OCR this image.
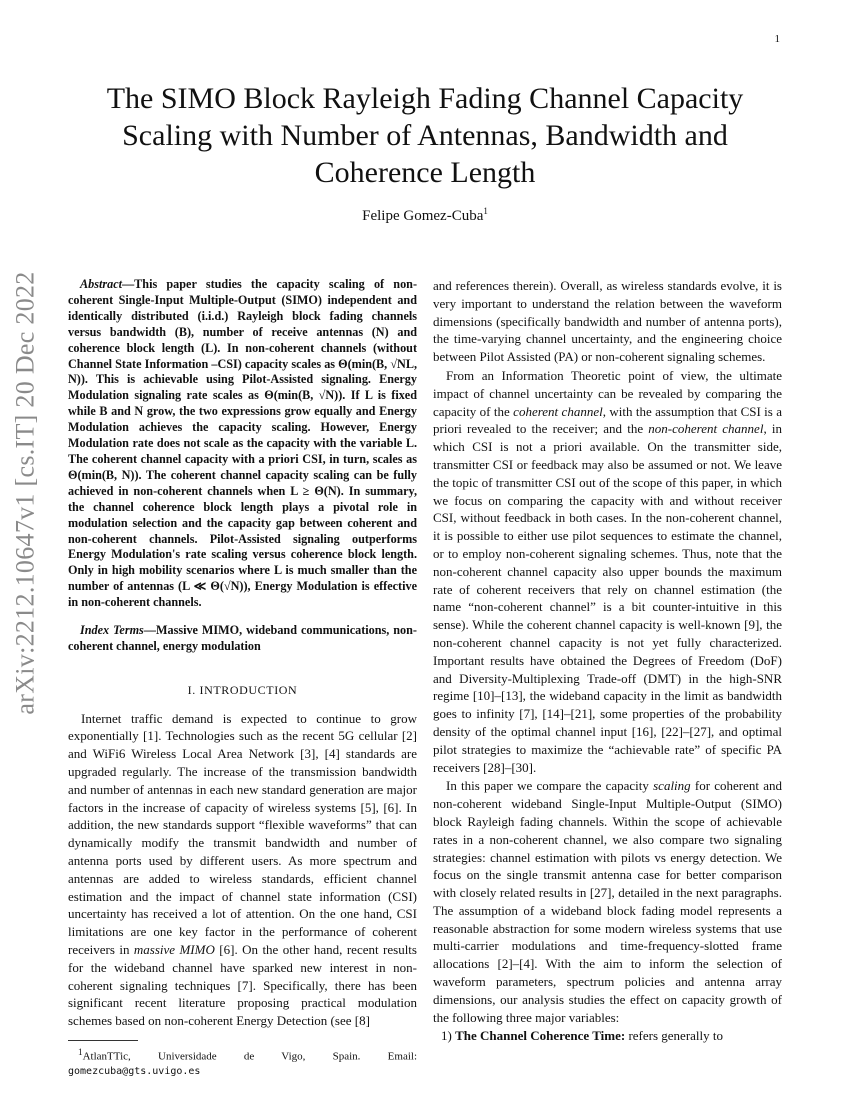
1
arXiv:2212.10647v1 [cs.IT] 20 Dec 2022
The SIMO Block Rayleigh Fading Channel Capacity Scaling with Number of Antennas, Bandwidth and Coherence Length
Felipe Gomez-Cuba$^1$

Abstract—This paper studies the capacity scaling of non-coherent Single-Input Multiple-Output (SIMO) independent and identically distributed (i.i.d.) Rayleigh block fading channels versus bandwidth (B), number of receive antennas (N) and coherence block length (L). In non-coherent channels (without Channel State Information –CSI) capacity scales as Θ(min(B, √NL, N)). This is achievable using Pilot-Assisted signaling. Energy Modulation signaling rate scales as Θ(min(B, √N)). If L is fixed while B and N grow, the two expressions grow equally and Energy Modulation achieves the capacity scaling. However, Energy Modulation rate does not scale as the capacity with the variable L. The coherent channel capacity with a priori CSI, in turn, scales as Θ(min(B, N)). The coherent channel capacity scaling can be fully achieved in non-coherent channels when L ≥ Θ(N). In summary, the channel coherence block length plays a pivotal role in modulation selection and the capacity gap between coherent and non-coherent channels. Pilot-Assisted signaling outperforms Energy Modulation's rate scaling versus coherence block length. Only in high mobility scenarios where L is much smaller than the number of antennas (L ≪ Θ(√N)), Energy Modulation is effective in non-coherent channels.

Index Terms—Massive MIMO, wideband communications, non-coherent channel, energy modulation

I. INTRODUCTION

Internet traffic demand is expected to continue to grow exponentially [1]. Technologies such as the recent 5G cellular [2] and WiFi6 Wireless Local Area Network [3], [4] standards are upgraded regularly. The increase of the transmission bandwidth and number of antennas in each new standard generation are major factors in the increase of capacity of wireless systems [5], [6]. In addition, the new standards support “flexible waveforms” that can dynamically modify the transmit bandwidth and number of antenna ports used by different users. As more spectrum and antennas are added to wireless standards, efficient channel estimation and the impact of channel state information (CSI) uncertainty has received a lot of attention. On the one hand, CSI limitations are one key factor in the performance of coherent receivers in massive MIMO [6]. On the other hand, recent results for the wideband channel have sparked new interest in non-coherent signaling techniques [7]. Specifically, there has been significant recent literature proposing practical modulation schemes based on non-coherent Energy Detection (see [8]

$^1$AtlanTTic, Universidade de Vigo, Spain. Email: gomezcuba@gts.uvigo.es

and references therein). Overall, as wireless standards evolve, it is very important to understand the relation between the waveform dimensions (specifically bandwidth and number of antenna ports), the time-varying channel uncertainty, and the engineering choice between Pilot Assisted (PA) or non-coherent signaling schemes.

From an Information Theoretic point of view, the ultimate impact of channel uncertainty can be revealed by comparing the capacity of the coherent channel, with the assumption that CSI is a priori revealed to the receiver; and the non-coherent channel, in which CSI is not a priori available. On the transmitter side, transmitter CSI or feedback may also be assumed or not. We leave the topic of transmitter CSI out of the scope of this paper, in which we focus on comparing the capacity with and without receiver CSI, without feedback in both cases. In the non-coherent channel, it is possible to either use pilot sequences to estimate the channel, or to employ non-coherent signaling schemes. Thus, note that the non-coherent channel capacity also upper bounds the maximum rate of coherent receivers that rely on channel estimation (the name “non-coherent channel” is a bit counter-intuitive in this sense). While the coherent channel capacity is well-known [9], the non-coherent channel capacity is not yet fully characterized. Important results have obtained the Degrees of Freedom (DoF) and Diversity-Multiplexing Trade-off (DMT) in the high-SNR regime [10]–[13], the wideband capacity in the limit as bandwidth goes to infinity [7], [14]–[21], some properties of the probability density of the optimal channel input [16], [22]–[27], and optimal pilot strategies to maximize the “achievable rate” of specific PA receivers [28]–[30].

In this paper we compare the capacity scaling for coherent and non-coherent wideband Single-Input Multiple-Output (SIMO) block Rayleigh fading channels. Within the scope of achievable rates in a non-coherent channel, we also compare two signaling strategies: channel estimation with pilots vs energy detection. We focus on the single transmit antenna case for better comparison with closely related results in [27], detailed in the next paragraphs. The assumption of a wideband block fading model represents a reasonable abstraction for some modern wireless systems that use multi-carrier modulations and time-frequency-slotted frame allocations [2]–[4]. With the aim to inform the selection of waveform parameters, spectrum policies and antenna array dimensions, our analysis studies the effect on capacity growth of the following three major variables:

1) The Channel Coherence Time: refers generally to
